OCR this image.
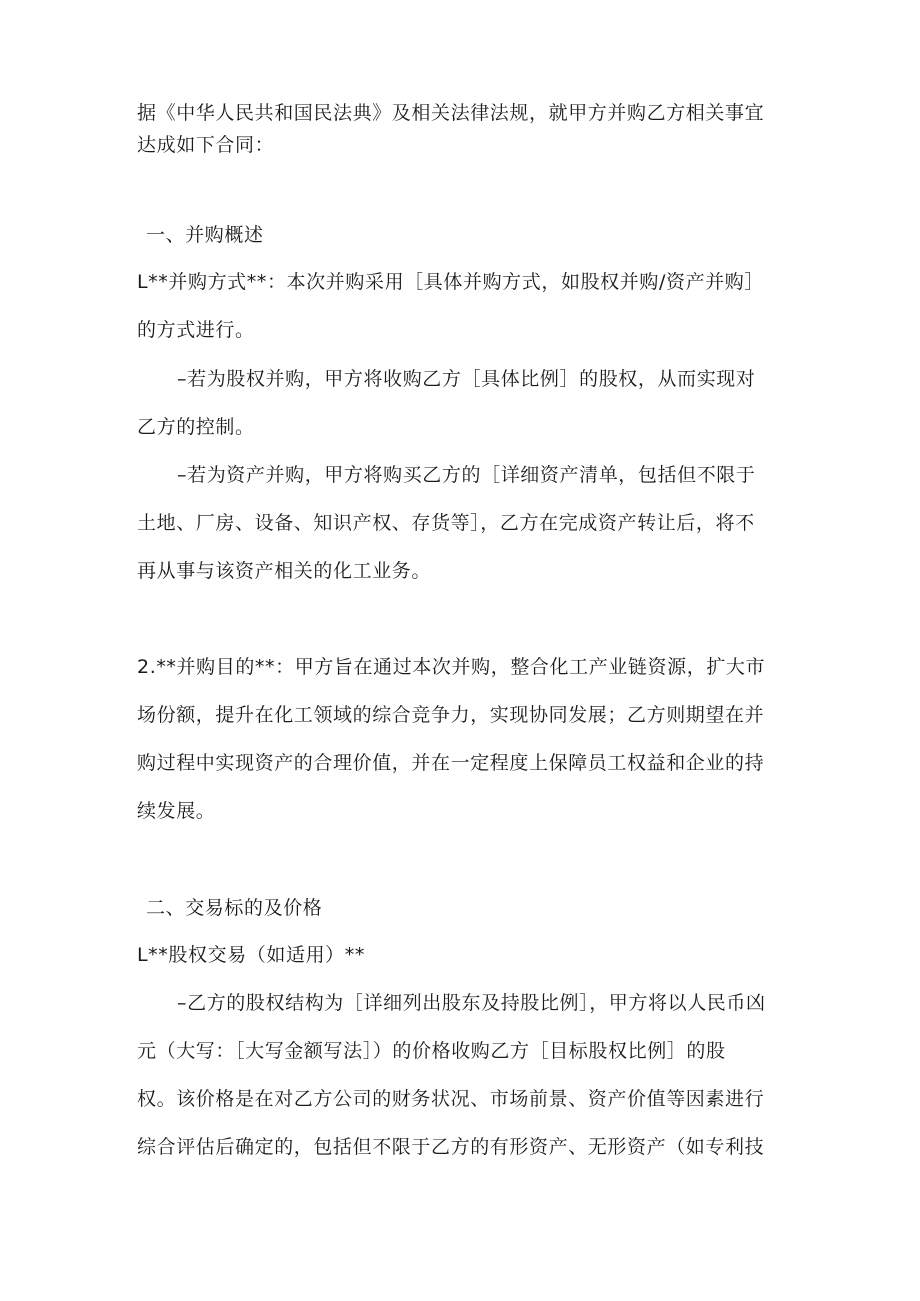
据《中华人民共和国民法典》及相关法律法规，就甲方并购乙方相关事宜
达成如下合同：
一、并购概述
L**并购方式**：本次并购采用［具体并购方式，如股权并购/资产并购］
的方式进行。
–若为股权并购，甲方将收购乙方［具体比例］的股权，从而实现对
乙方的控制。
–若为资产并购，甲方将购买乙方的［详细资产清单，包括但不限于
土地、厂房、设备、知识产权、存货等］，乙方在完成资产转让后，将不
再从事与该资产相关的化工业务。
2.**并购目的**：甲方旨在通过本次并购，整合化工产业链资源，扩大市
场份额，提升在化工领域的综合竞争力，实现协同发展；乙方则期望在并
购过程中实现资产的合理价值，并在一定程度上保障员工权益和企业的持
续发展。
二、交易标的及价格
L**股权交易（如适用）**
–乙方的股权结构为［详细列出股东及持股比例］，甲方将以人民币凶
元（大写：［大写金额写法］）的价格收购乙方［目标股权比例］的股
权。该价格是在对乙方公司的财务状况、市场前景、资产价值等因素进行
综合评估后确定的，包括但不限于乙方的有形资产、无形资产（如专利技
